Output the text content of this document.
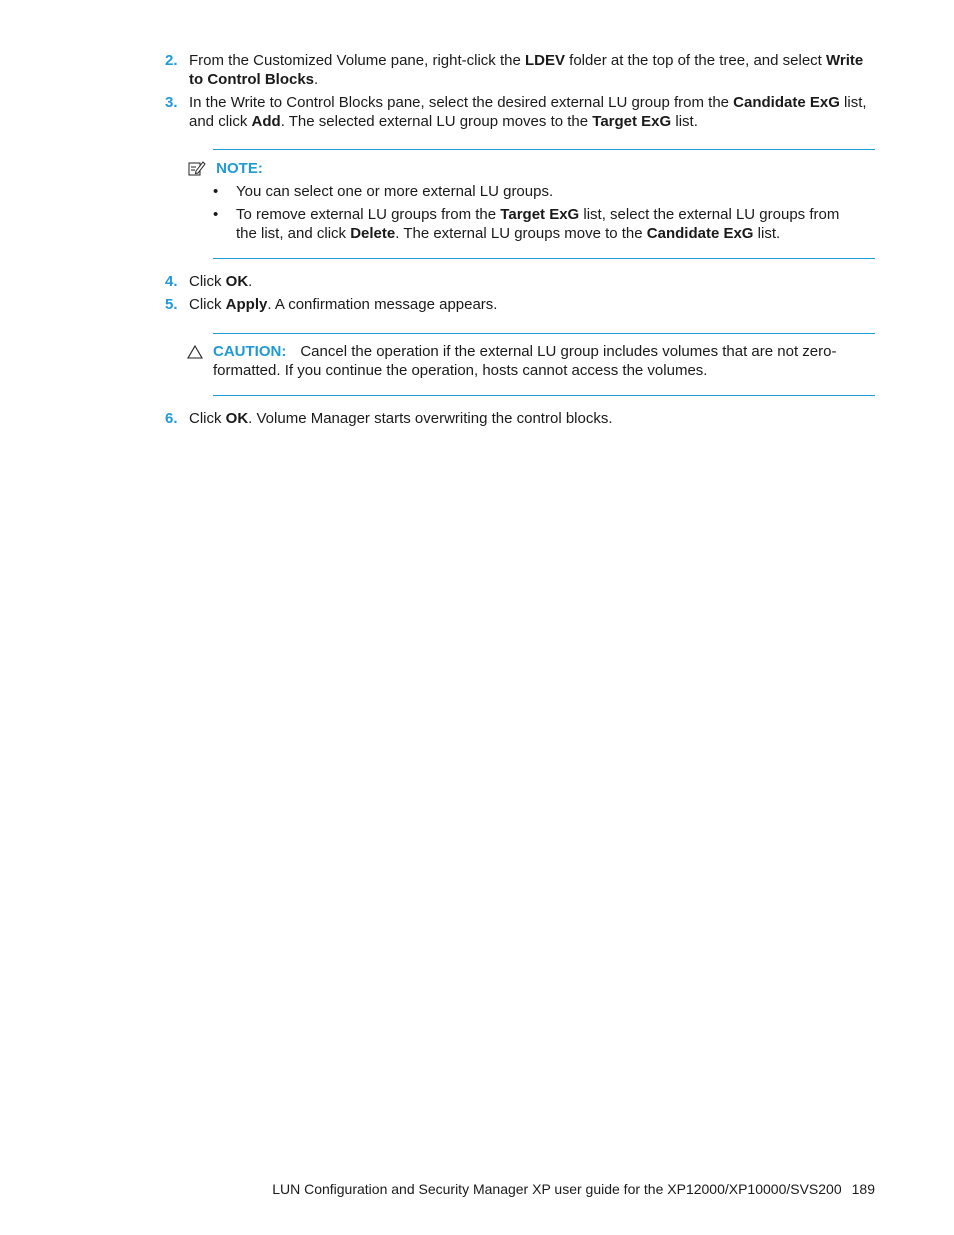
2. From the Customized Volume pane, right-click the LDEV folder at the top of the tree, and select Write to Control Blocks.
3. In the Write to Control Blocks pane, select the desired external LU group from the Candidate ExG list, and click Add. The selected external LU group moves to the Target ExG list.
NOTE:
• You can select one or more external LU groups.
• To remove external LU groups from the Target ExG list, select the external LU groups from the list, and click Delete. The external LU groups move to the Candidate ExG list.
4. Click OK.
5. Click Apply. A confirmation message appears.
CAUTION: Cancel the operation if the external LU group includes volumes that are not zero-formatted. If you continue the operation, hosts cannot access the volumes.
6. Click OK. Volume Manager starts overwriting the control blocks.
LUN Configuration and Security Manager XP user guide for the XP12000/XP10000/SVS200 189
